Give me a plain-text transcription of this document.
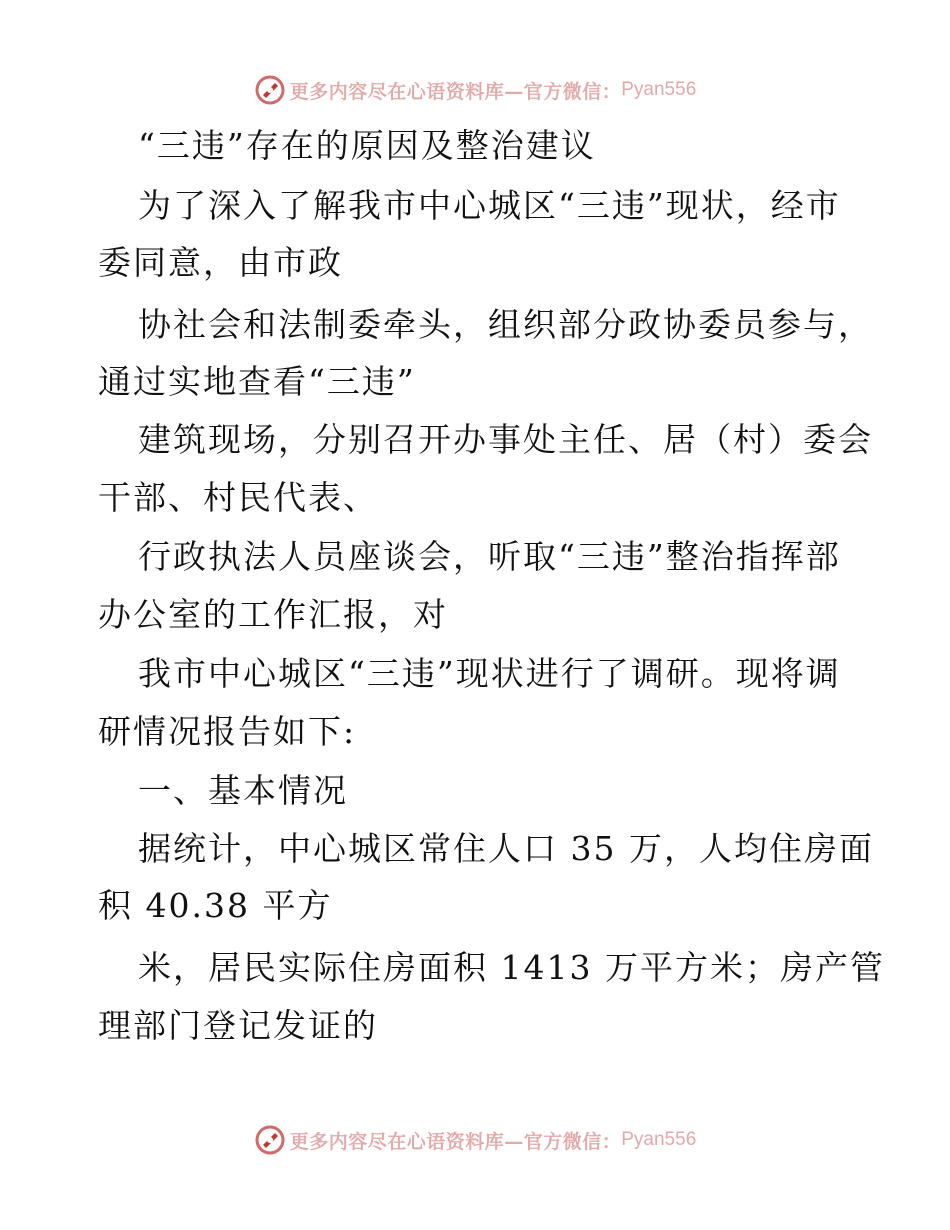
更多内容尽在心语资料库—官方微信： Pyan556
“三违”存在的原因及整治建议
为了深入了解我市中心城区“三违”现状，经市
委同意，由市政
协社会和法制委牵头，组织部分政协委员参与，
通过实地查看“三违”
建筑现场，分别召开办事处主任、居（村）委会
干部、村民代表、
行政执法人员座谈会，听取“三违”整治指挥部
办公室的工作汇报，对
我市中心城区“三违”现状进行了调研。现将调
研情况报告如下:
一、基本情况
据统计，中心城区常住人口 35 万，人均住房面
积 40.38 平方
米，居民实际住房面积 1413 万平方米；房产管
理部门登记发证的
更多内容尽在心语资料库—官方微信： Pyan556
